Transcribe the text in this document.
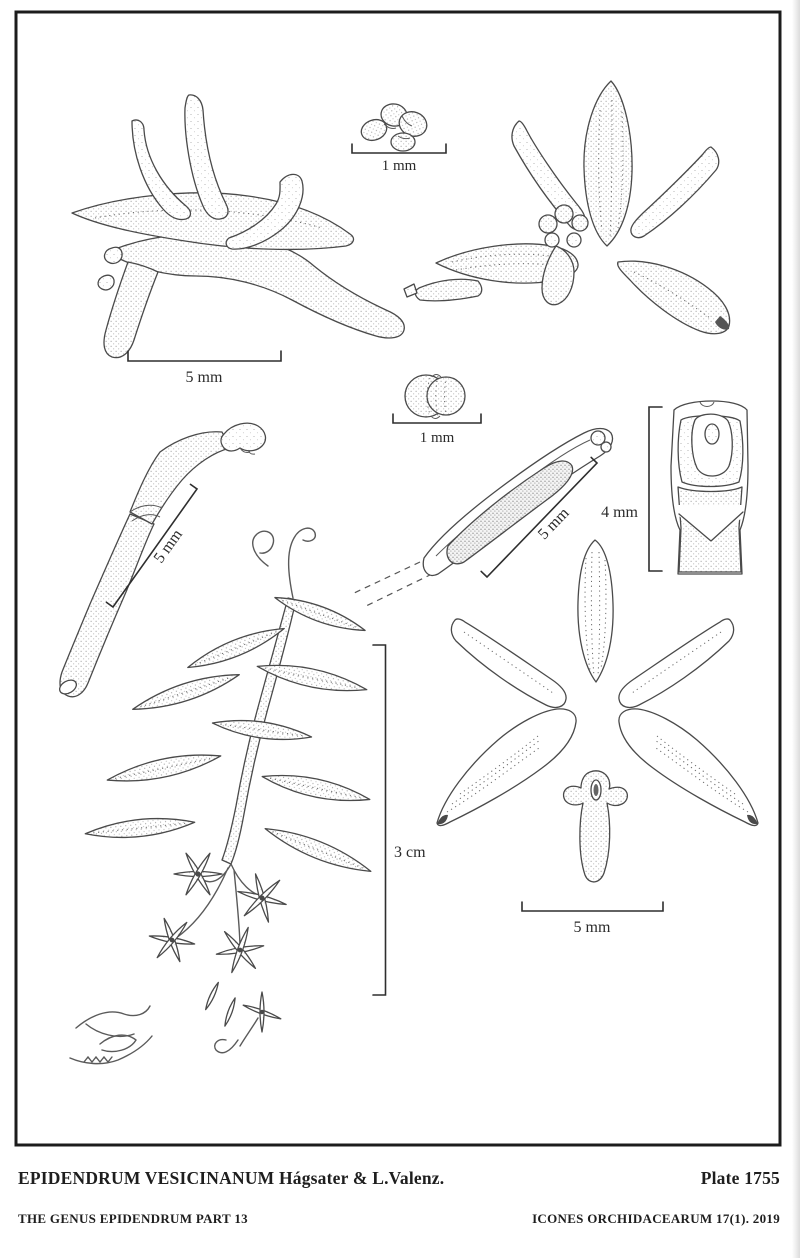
1 mm
5 mm
1 mm
5 mm
5 mm 4 mm
3 cm
5 mm
EPIDENDRUM VESICINANUM Hágsater & L.Valenz.	Plate 1755
THE GENUS EPIDENDRUM PART 13	ICONES ORCHIDACEARUM 17(1). 2019
